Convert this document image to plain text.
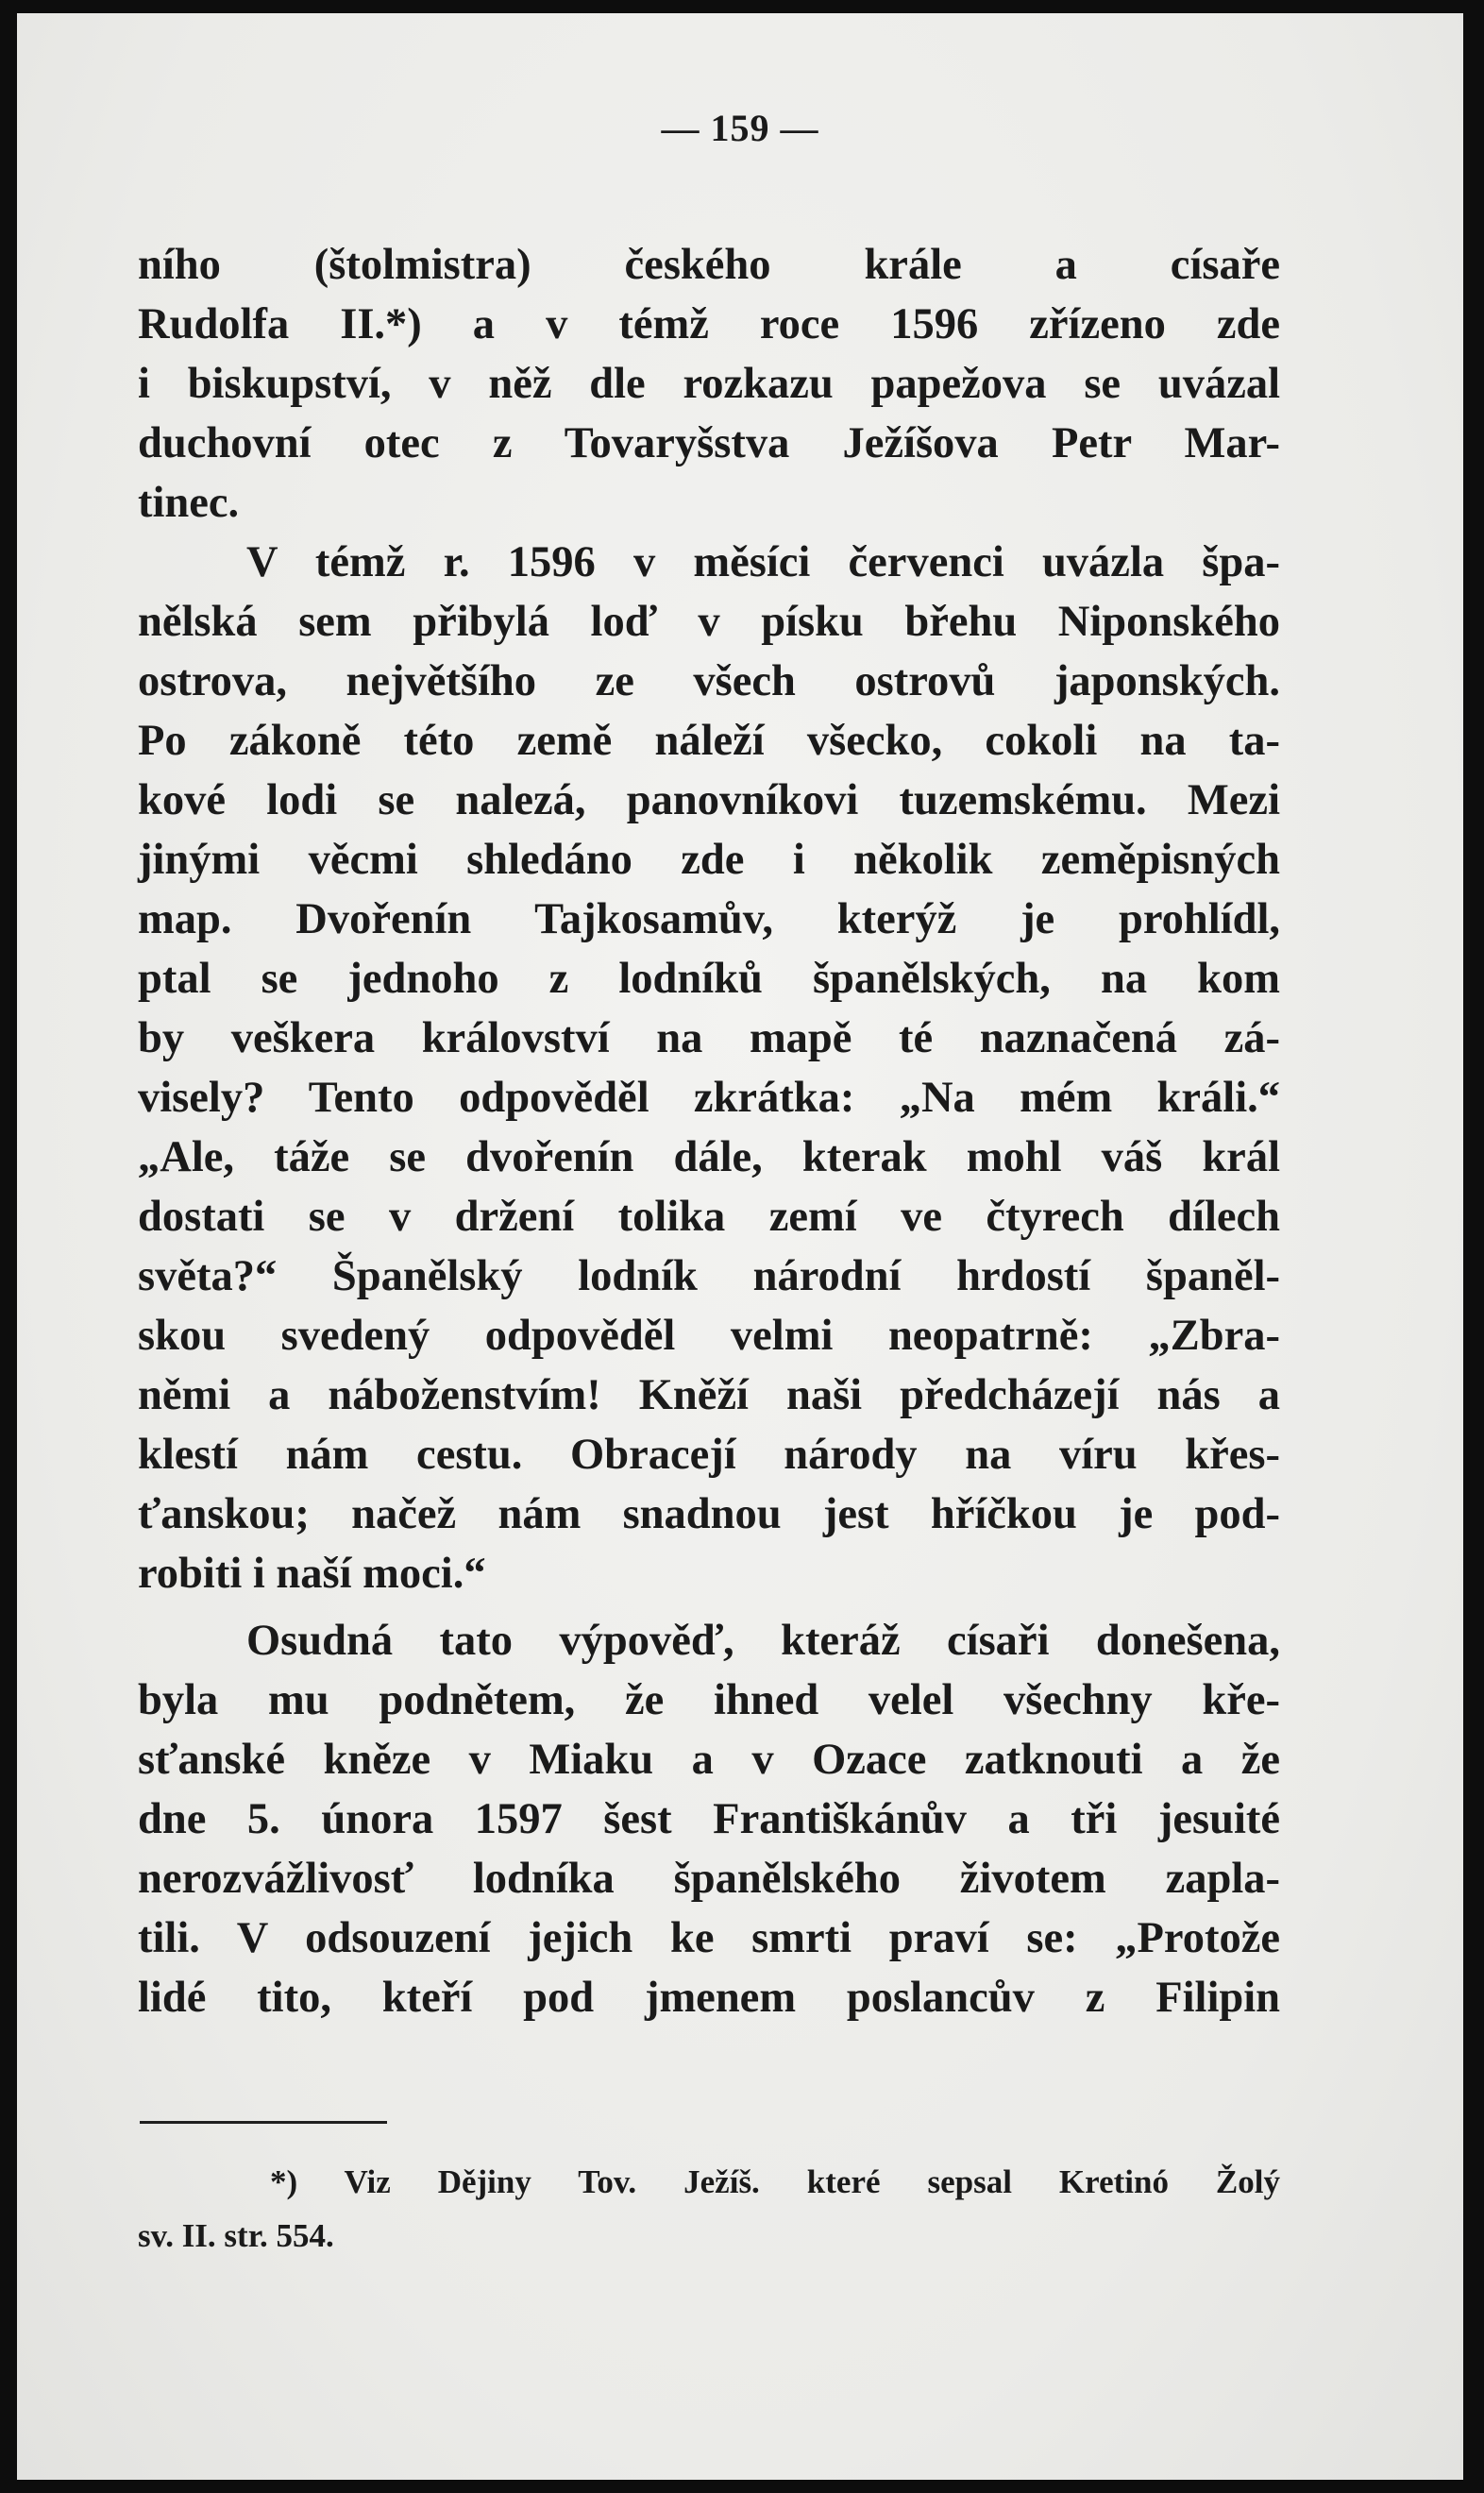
— 159 —
ního (štolmistra) českého krále a císaře
Rudolfa II.*) a v témž roce 1596 zřízeno zde
i biskupství, v něž dle rozkazu papežova se uvázal
duchovní otec z Tovaryšstva Ježíšova Petr Mar-
tinec.
V témž r. 1596 v měsíci červenci uvázla špa-
nělská sem přibylá loď v písku břehu Niponského
ostrova, největšího ze všech ostrovů japonských.
Po zákoně této země náleží všecko, cokoli na ta-
kové lodi se nalezá, panovníkovi tuzemskému. Mezi
jinými věcmi shledáno zde i několik zeměpisných
map. Dvořenín Tajkosamův, kterýž je prohlídl,
ptal se jednoho z lodníků španělských, na kom
by veškera království na mapě té naznačená zá-
visely? Tento odpověděl zkrátka: „Na mém králi.“
„Ale, táže se dvořenín dále, kterak mohl váš král
dostati se v držení tolika zemí ve čtyrech dílech
světa?“ Španělský lodník národní hrdostí španěl-
skou svedený odpověděl velmi neopatrně: „Zbra-
němi a náboženstvím! Kněží naši předcházejí nás a
klestí nám cestu. Obracejí národy na víru křes-
ťanskou; načež nám snadnou jest hříčkou je pod-
robiti i naší moci.“
Osudná tato výpověď, kteráž císaři donešena,
byla mu podnětem, že ihned velel všechny kře-
sťanské kněze v Miaku a v Ozace zatknouti a že
dne 5. února 1597 šest Františkánův a tři jesuité
nerozvážlivosť lodníka španělského životem zapla-
tili. V odsouzení jejich ke smrti praví se: „Protože
lidé tito, kteří pod jmenem poslancův z Filipin
*) Viz Dějiny Tov. Ježíš. které sepsal Kretinó Žolý
sv. II. str. 554.
